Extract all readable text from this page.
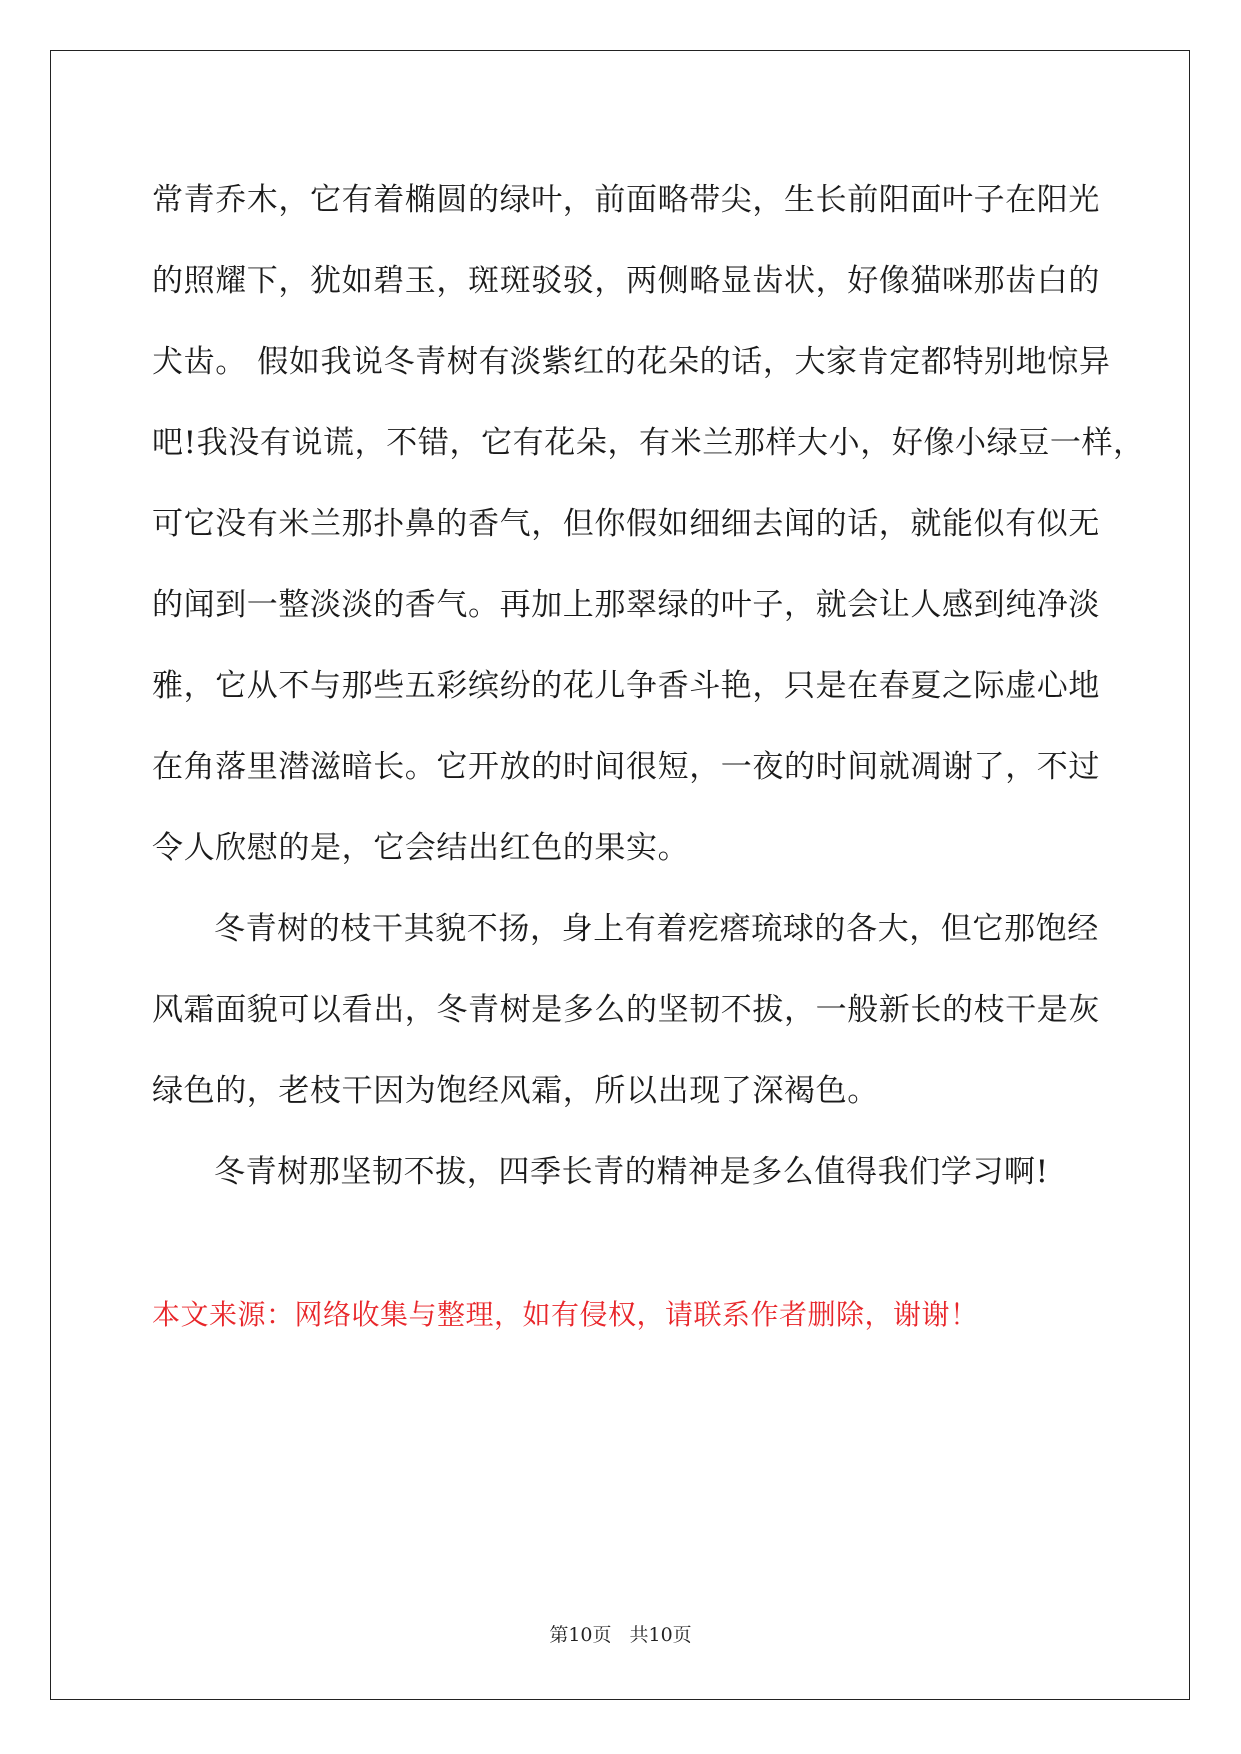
常青乔木，它有着椭圆的绿叶，前面略带尖，生长前阳面叶子在阳光
的照耀下，犹如碧玉，斑斑驳驳，两侧略显齿状，好像猫咪那齿白的
犬齿。 假如我说冬青树有淡紫红的花朵的话，大家肯定都特别地惊异
吧!我没有说谎，不错，它有花朵，有米兰那样大小，好像小绿豆一样，
可它没有米兰那扑鼻的香气，但你假如细细去闻的话，就能似有似无
的闻到一整淡淡的香气。再加上那翠绿的叶子，就会让人感到纯净淡
雅，它从不与那些五彩缤纷的花儿争香斗艳，只是在春夏之际虚心地
在角落里潜滋暗长。它开放的时间很短，一夜的时间就凋谢了，不过
令人欣慰的是，它会结出红色的果实。
冬青树的枝干其貌不扬，身上有着疙瘩琉球的各大，但它那饱经
风霜面貌可以看出，冬青树是多么的坚韧不拔，一般新长的枝干是灰
绿色的，老枝干因为饱经风霜，所以出现了深褐色。
冬青树那坚韧不拔，四季长青的精神是多么值得我们学习啊!
本文来源：网络收集与整理，如有侵权，请联系作者删除，谢谢！
第10页 共10页
